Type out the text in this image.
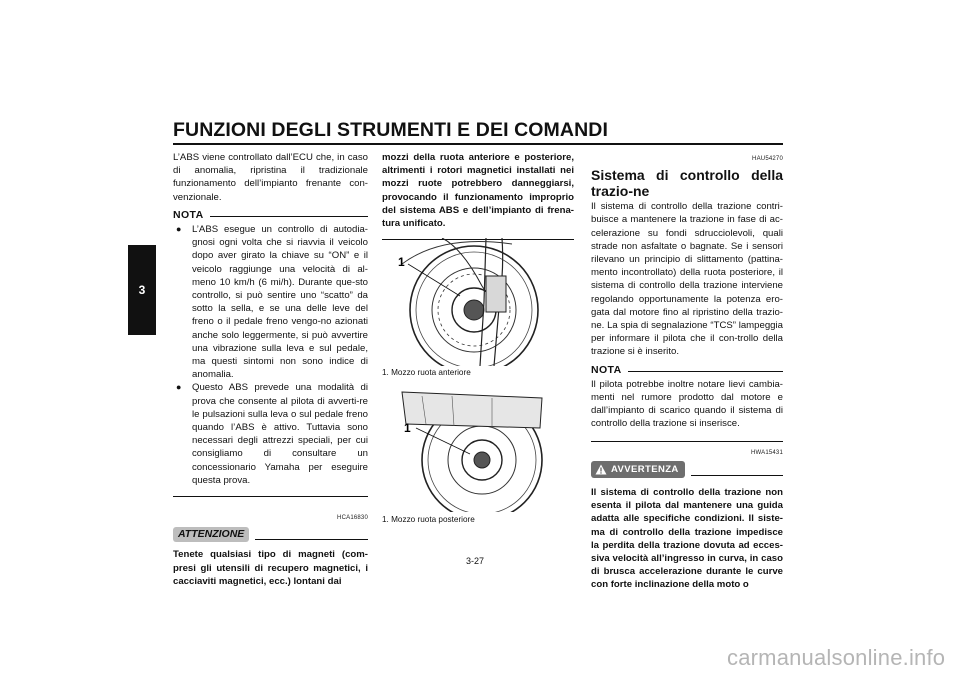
FUNZIONI DEGLI STRUMENTI E DEI COMANDI
3

L’ABS viene controllato dall’ECU che, in caso di anomalia, ripristina il tradizionale funzionamento dell’impianto frenante con-venzionale.

NOTA
●	L’ABS esegue un controllo di autodia-gnosi ogni volta che si riavvia il veicolo dopo aver girato la chiave su “ON” e il veicolo raggiunge una velocità di al-meno 10 km/h (6 mi/h). Durante que-sto controllo, si può sentire uno “scatto” da sotto la sella, e se una delle leve del freno o il pedale freno vengo-no azionati anche solo leggermente, si può avvertire una vibrazione sulla leva e sul pedale, ma questi sintomi non sono indice di anomalia.
●	Questo ABS prevede una modalità di prova che consente al pilota di avverti-re le pulsazioni sulla leva o sul pedale freno quando l’ABS è attivo. Tuttavia sono necessari degli attrezzi speciali, per cui consigliamo di consultare un concessionario Yamaha per eseguire questa prova.
HCA16830
ATTENZIONE

Tenete qualsiasi tipo di magneti (com-presi gli utensili di recupero magnetici, i cacciaviti magnetici, ecc.) lontani dai

mozzi della ruota anteriore e posteriore, altrimenti i rotori magnetici installati nei mozzi ruote potrebbero danneggiarsi, provocando il funzionamento improprio del sistema ABS e dell’impianto di frena-tura unificato.

1
1. Mozzo ruota anteriore
1
1. Mozzo ruota posteriore
HAU54270

Sistema di controllo della trazio-ne

Il sistema di controllo della trazione contri-buisce a mantenere la trazione in fase di ac-celerazione su fondi sdrucciolevoli, quali strade non asfaltate o bagnate. Se i sensori rilevano un principio di slittamento (pattina-mento incontrollato) della ruota posteriore, il sistema di controllo della trazione interviene regolando opportunamente la potenza ero-gata dal motore fino al ripristino della trazio-ne. La spia di segnalazione “TCS” lampeggia per informare il pilota che il con-trollo della trazione si è inserito.

NOTA

Il pilota potrebbe inoltre notare lievi cambia-menti nel rumore prodotto dal motore e dall’impianto di scarico quando il sistema di controllo della trazione si inserisce.

HWA15431
AVVERTENZA

Il sistema di controllo della trazione non esenta il pilota dal mantenere una guida adatta alle specifiche condizioni. Il siste-ma di controllo della trazione impedisce la perdita della trazione dovuta ad ecces-siva velocità all’ingresso in curva, in caso di brusca accelerazione durante le curve con forte inclinazione della moto o

3-27
carmanualsonline.info
